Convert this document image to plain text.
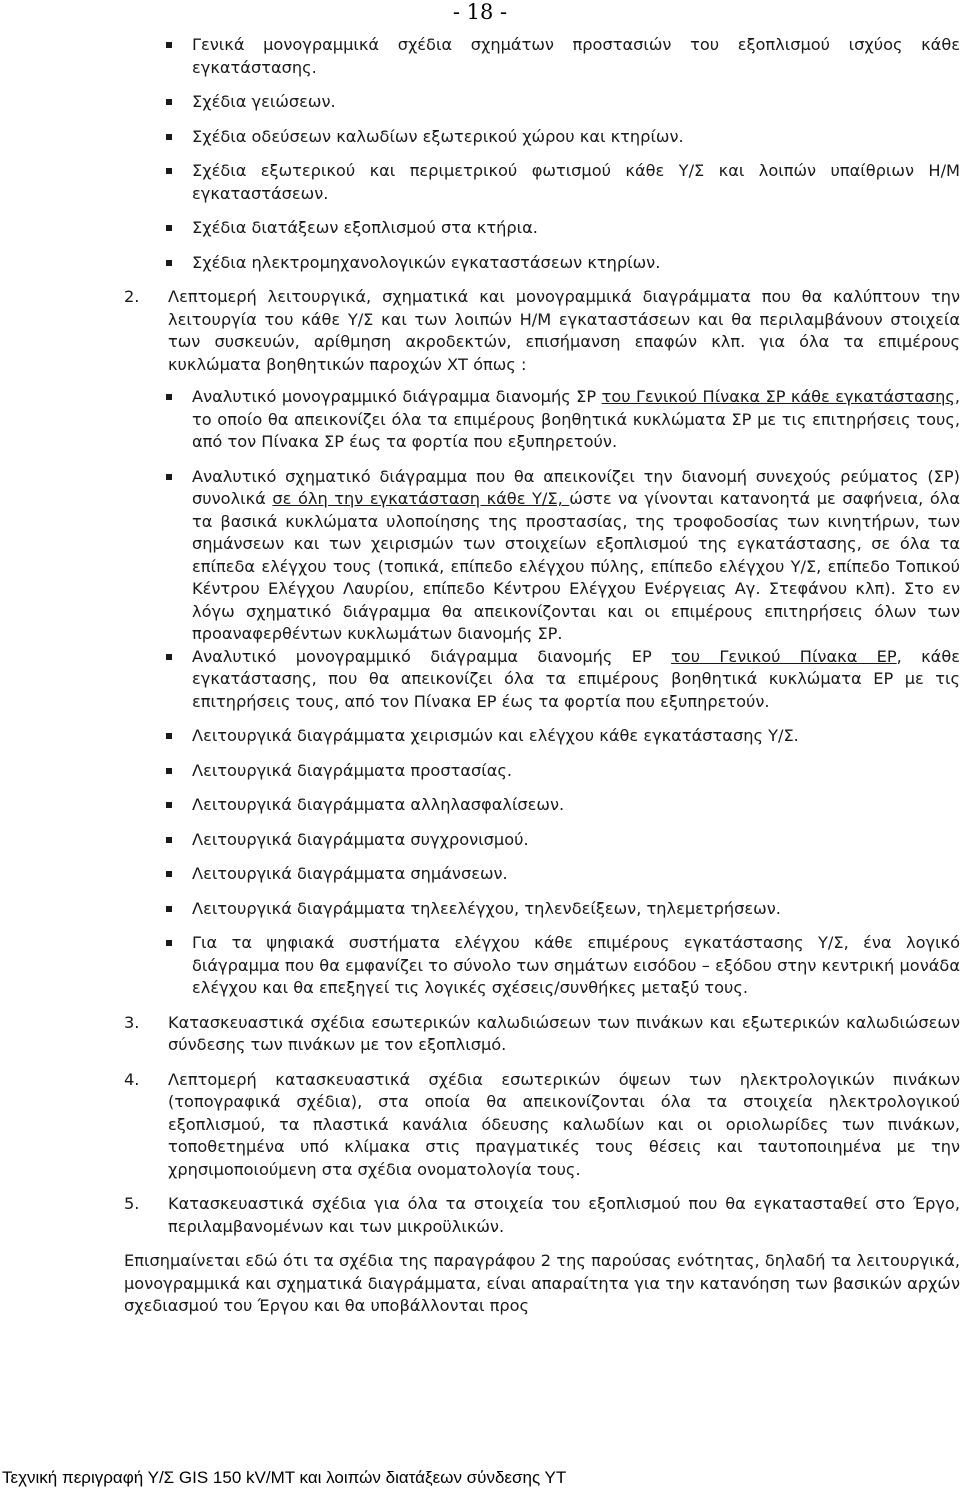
- 18 -
Γενικά µονογραµµικά σχέδια σχηµάτων προστασιών του εξοπλισµού ισχύος κάθε εγκατάστασης.
Σχέδια γειώσεων.
Σχέδια οδεύσεων καλωδίων εξωτερικού χώρου και κτηρίων.
Σχέδια εξωτερικού και περιµετρικού φωτισµού κάθε Υ/Σ και λοιπών υπαίθριων Η/Μ εγκαταστάσεων.
Σχέδια διατάξεων εξοπλισµού στα κτήρια.
Σχέδια ηλεκτροµηχανολογικών εγκαταστάσεων κτηρίων.
2. Λεπτοµερή λειτουργικά, σχηµατικά και µονογραµµικά διαγράµµατα που θα καλύπτουν την λειτουργία του κάθε Υ/Σ και των λοιπών Η/Μ εγκαταστάσεων και θα περιλαµβάνουν στοιχεία των συσκευών, αρίθµηση ακροδεκτών, επισήµανση επαφών κλπ. για όλα τα επιµέρους κυκλώµατα βοηθητικών παροχών ΧΤ όπως :
Αναλυτικό µονογραµµικό διάγραµµα διανοµής ΣΡ του Γενικού Πίνακα ΣΡ κάθε εγκατάστασης, το οποίο θα απεικονίζει όλα τα επιµέρους βοηθητικά κυκλώµατα ΣΡ µε τις επιτηρήσεις τους, από τον Πίνακα ΣΡ έως τα φορτία που εξυπηρετούν.
Αναλυτικό σχηµατικό διάγραµµα που θα απεικονίζει την διανοµή συνεχούς ρεύµατος (ΣΡ) συνολικά σε όλη την εγκατάσταση κάθε Υ/Σ, ώστε να γίνονται κατανοητά µε σαφήνεια, όλα τα βασικά κυκλώµατα υλοποίησης της προστασίας, της τροφοδοσίας των κινητήρων, των σηµάνσεων και των χειρισµών των στοιχείων εξοπλισµού της εγκατάστασης, σε όλα τα επίπεδα ελέγχου τους (τοπικά, επίπεδο ελέγχου πύλης, επίπεδο ελέγχου Υ/Σ, επίπεδο Τοπικού Κέντρου Ελέγχου Λαυρίου, επίπεδο Κέντρου Ελέγχου Ενέργειας Αγ. Στεφάνου κλπ). Στο εν λόγω σχηµατικό διάγραµµα θα απεικονίζονται και οι επιµέρους επιτηρήσεις όλων των προαναφερθέντων κυκλωµάτων διανοµής ΣΡ.
Αναλυτικό µονογραµµικό διάγραµµα διανοµής ΕΡ του Γενικού Πίνακα ΕΡ, κάθε εγκατάστασης, που θα απεικονίζει όλα τα επιµέρους βοηθητικά κυκλώµατα ΕΡ µε τις επιτηρήσεις τους, από τον Πίνακα ΕΡ έως τα φορτία που εξυπηρετούν.
Λειτουργικά διαγράµµατα χειρισµών και ελέγχου κάθε εγκατάστασης Υ/Σ.
Λειτουργικά διαγράµµατα προστασίας.
Λειτουργικά διαγράµµατα αλληλασφαλίσεων.
Λειτουργικά διαγράµµατα συγχρονισµού.
Λειτουργικά διαγράµµατα σηµάνσεων.
Λειτουργικά διαγράµµατα τηλεελέγχου, τηλενδείξεων, τηλεµετρήσεων.
Για τα ψηφιακά συστήµατα ελέγχου κάθε επιµέρους εγκατάστασης Υ/Σ, ένα λογικό διάγραµµα που θα εµφανίζει το σύνολο των σηµάτων εισόδου – εξόδου στην κεντρική µονάδα ελέγχου και θα επεξηγεί τις λογικές σχέσεις/συνθήκες µεταξύ τους.
3. Κατασκευαστικά σχέδια εσωτερικών καλωδιώσεων των πινάκων και εξωτερικών καλωδιώσεων σύνδεσης των πινάκων µε τον εξοπλισµό.
4. Λεπτοµερή κατασκευαστικά σχέδια εσωτερικών όψεων των ηλεκτρολογικών πινάκων (τοπογραφικά σχέδια), στα οποία θα απεικονίζονται όλα τα στοιχεία ηλεκτρολογικού εξοπλισµού, τα πλαστικά κανάλια όδευσης καλωδίων και οι οριολωρίδες των πινάκων, τοποθετηµένα υπό κλίµακα στις πραγµατικές τους θέσεις και ταυτοποιηµένα µε την χρησιµοποιούµενη στα σχέδια ονοµατολογία τους.
5. Κατασκευαστικά σχέδια για όλα τα στοιχεία του εξοπλισµού που θα εγκατασταθεί στο Έργο, περιλαµβανοµένων και των µικροϋλικών.
Επισηµαίνεται εδώ ότι τα σχέδια της παραγράφου 2 της παρούσας ενότητας, δηλαδή τα λειτουργικά, µονογραµµικά και σχηµατικά διαγράµµατα, είναι απαραίτητα για την κατανόηση των βασικών αρχών σχεδιασµού του Έργου και θα υποβάλλονται προς
Τεχνική περιγραφή Υ/Σ GIS 150 kV/ΜΤ και λοιπών διατάξεων σύνδεσης ΥΤ
